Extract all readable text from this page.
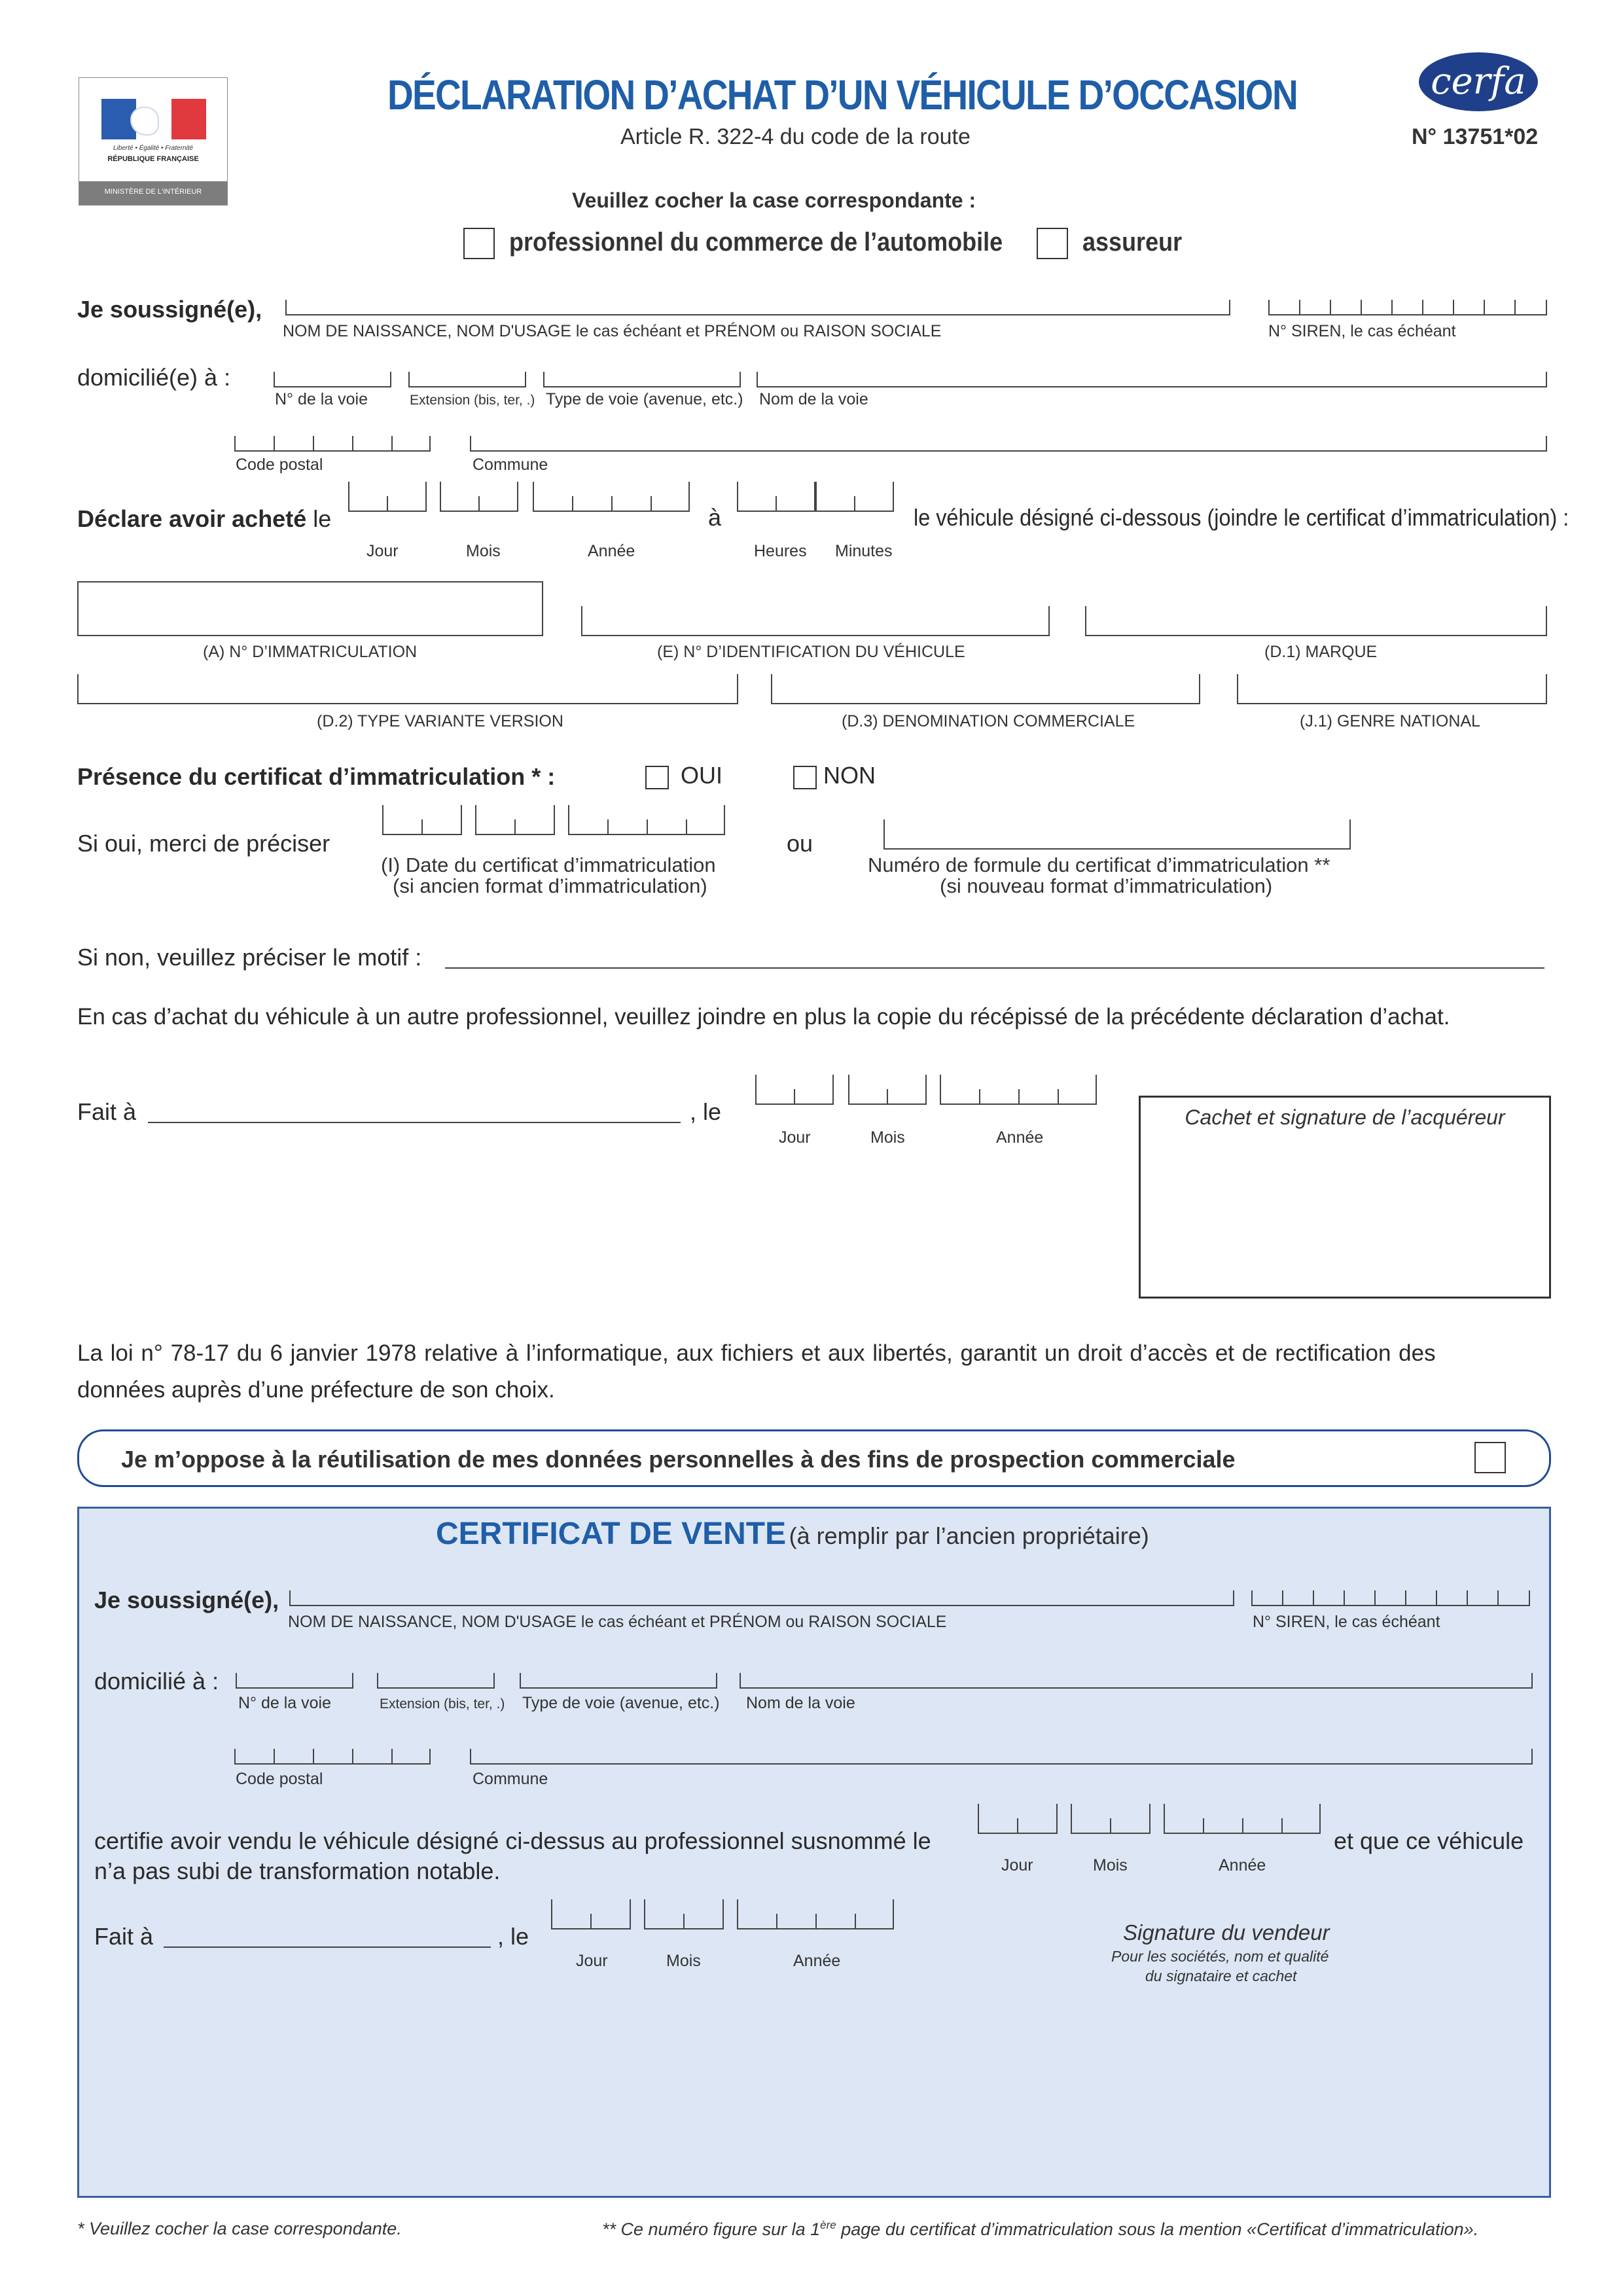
Liberté • Égalité • Fraternité
RÉPUBLIQUE FRANÇAISE
MINISTÈRE DE L'INTÉRIEUR
DÉCLARATION D’ACHAT D’UN VÉHICULE D’OCCASION
Article R. 322-4 du code de la route
cerfa
N° 13751*02
Veuillez cocher la case correspondante :
professionnel du commerce de l’automobile	assureur
Je soussigné(e),
NOM DE NAISSANCE, NOM D'USAGE le cas échéant et PRÉNOM ou RAISON SOCIALE	N° SIREN, le cas échéant
domicilié(e) à :
N° de la voie	Extension (bis, ter, .) Type de voie (avenue, etc.) Nom de la voie
Code postal	Commune
Déclare avoir acheté le
Jour	Mois	Année
à
Heures Minutes
le véhicule désigné ci-dessous (joindre le certificat d’immatriculation) :
(A) N° D’IMMATRICULATION	(E) N° D’IDENTIFICATION DU VÉHICULE	(D.1) MARQUE
(D.2) TYPE VARIANTE VERSION	(D.3) DENOMINATION COMMERCIALE	(J.1) GENRE NATIONAL
Présence du certificat d’immatriculation * :	OUI	NON
Si oui, merci de préciser
(I) Date du certificat d’immatriculation
(si ancien format d’immatriculation)
ou
Numéro de formule du certificat d’immatriculation **
(si nouveau format d’immatriculation)
Si non, veuillez préciser le motif :
En cas d’achat du véhicule à un autre professionnel, veuillez joindre en plus la copie du récépissé de la précédente déclaration d’achat.
Fait à	, le
Jour	Mois	Année
Cachet et signature de l’acquéreur
La loi n° 78-17 du 6 janvier 1978 relative à l’informatique, aux fichiers et aux libertés, garantit un droit d’accès et de rectification des
données auprès d’une préfecture de son choix.
Je m’oppose à la réutilisation de mes données personnelles à des fins de prospection commerciale
CERTIFICAT DE VENTE (à remplir par l’ancien propriétaire)
Je soussigné(e),
NOM DE NAISSANCE, NOM D'USAGE le cas échéant et PRÉNOM ou RAISON SOCIALE	N° SIREN, le cas échéant
domicilié à :
N° de la voie	Extension (bis, ter, .) Type de voie (avenue, etc.) Nom de la voie
Code postal	Commune
certifie avoir vendu le véhicule désigné ci-dessus au professionnel susnommé le
n’a pas subi de transformation notable.	Jour	Mois	Année
et que ce véhicule
Fait à	, le
Jour	Mois	Année
Signature du vendeur
Pour les sociétés, nom et qualité
du signataire et cachet
* Veuillez cocher la case correspondante.	** Ce numéro figure sur la 1ère page du certificat d’immatriculation sous la mention «Certificat d’immatriculation».
